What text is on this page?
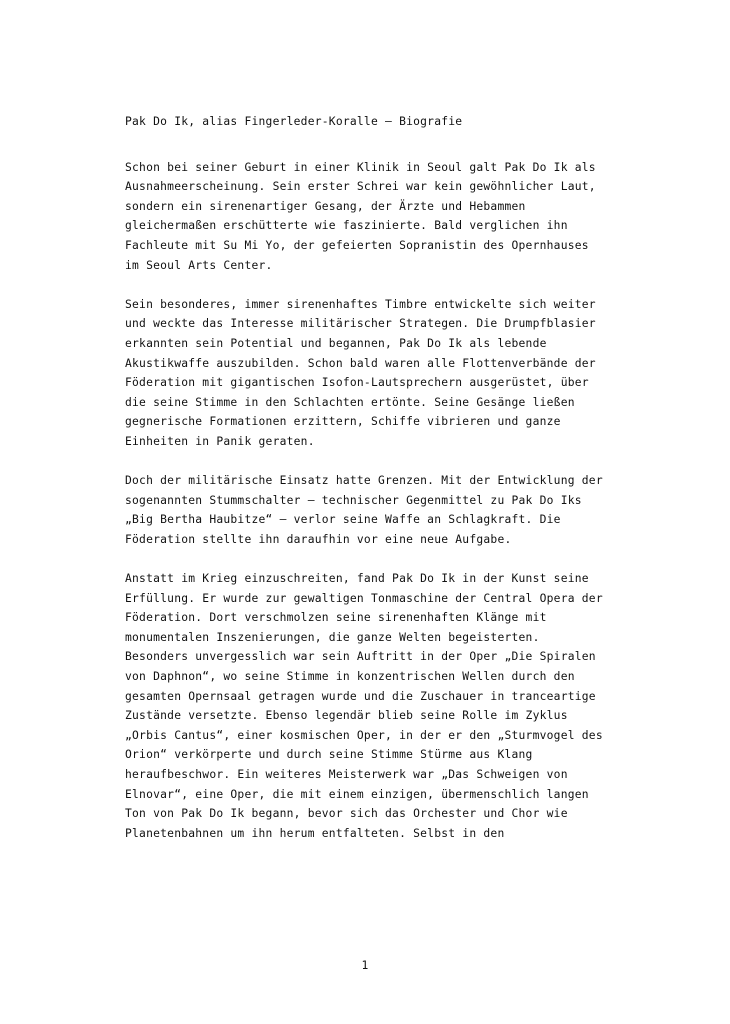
Pak Do Ik, alias Fingerleder-Koralle – Biografie

Schon bei seiner Geburt in einer Klinik in Seoul galt Pak Do Ik als Ausnahmeerscheinung. Sein erster Schrei war kein gewöhnlicher Laut, sondern ein sirenenartiger Gesang, der Ärzte und Hebammen gleichermaßen erschütterte wie faszinierte. Bald verglichen ihn Fachleute mit Su Mi Yo, der gefeierten Sopranistin des Opernhauses im Seoul Arts Center.

Sein besonderes, immer sirenenhaftes Timbre entwickelte sich weiter und weckte das Interesse militärischer Strategen. Die Drumpfblasier erkannten sein Potential und begannen, Pak Do Ik als lebende Akustikwaffe auszubilden. Schon bald waren alle Flottenverbände der Föderation mit gigantischen Isofon-Lautsprechern ausgerüstet, über die seine Stimme in den Schlachten ertönte. Seine Gesänge ließen gegnerische Formationen erzittern, Schiffe vibrieren und ganze Einheiten in Panik geraten.

Doch der militärische Einsatz hatte Grenzen. Mit der Entwicklung der sogenannten Stummschalter – technischer Gegenmittel zu Pak Do Iks „Big Bertha Haubitze“ – verlor seine Waffe an Schlagkraft. Die Föderation stellte ihn daraufhin vor eine neue Aufgabe.

Anstatt im Krieg einzuschreiten, fand Pak Do Ik in der Kunst seine Erfüllung. Er wurde zur gewaltigen Tonmaschine der Central Opera der Föderation. Dort verschmolzen seine sirenenhaften Klänge mit monumentalen Inszenierungen, die ganze Welten begeisterten. Besonders unvergesslich war sein Auftritt in der Oper „Die Spiralen von Daphnon“, wo seine Stimme in konzentrischen Wellen durch den gesamten Opernsaal getragen wurde und die Zuschauer in tranceartige Zustände versetzte. Ebenso legendär blieb seine Rolle im Zyklus „Orbis Cantus“, einer kosmischen Oper, in der er den „Sturmvogel des Orion“ verkörperte und durch seine Stimme Stürme aus Klang heraufbeschwor. Ein weiteres Meisterwerk war „Das Schweigen von Elnovar“, eine Oper, die mit einem einzigen, übermenschlich langen Ton von Pak Do Ik begann, bevor sich das Orchester und Chor wie Planetenbahnen um ihn herum entfalteten. Selbst in den

1
